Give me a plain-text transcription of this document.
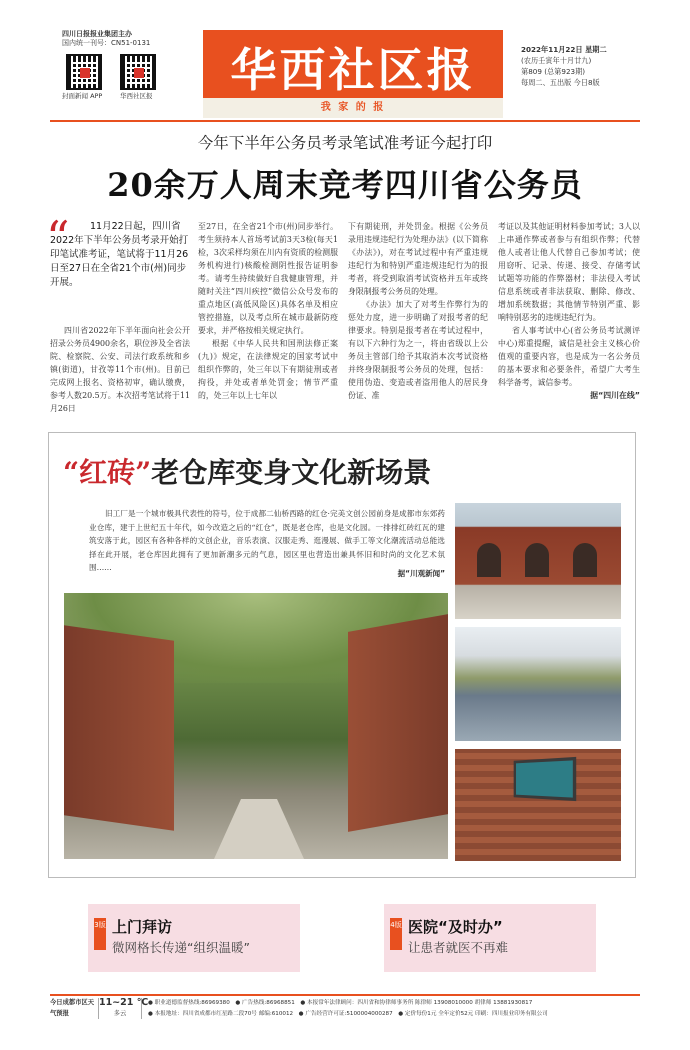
四川日报报业集团主办
国内统一刊号：CN51-0131
封面新闻 APP	华西社区报	华西社区报
我 家 的 报
2022年11月22日 星期二
(农历壬寅年十月廿九)
第809 (总第923期)
每周二、五出版 今日8版
今年下半年公务员考录笔试准考证今起打印
20余万人周末竞考四川省公务员
“	11月22日起，四川省2022年下半年公务员考录开始打印笔试准考证，笔试将于11月26日至27日在全省21个市(州)同步开展。
四川省2022年下半年面向社会公开招录公务员4900余名，职位涉及全省法院、检察院、公安、司法行政系统和乡镇(街道)，甘孜等11个市(州)。目前已完成网上报名、资格初审，确认缴费，参考人数20.5万。本次招考笔试将于11月26日

至27日，在全省21个市(州)同步举行。考生须持本人首场考试前3天3检(每天1检，3次采样均须在川内有资质的检测服务机构进行)核酸检测阴性报告证明参考。请考生持续做好自我健康管理，并随时关注“四川疾控”微信公众号发布的重点地区(高低风险区)具体名单及相应管控措施，以及考点所在城市最新防疫要求，并严格按相关规定执行。

根据《中华人民共和国刑法修正案(九)》规定，在法律规定的国家考试中组织作弊的，处三年以下有期徒刑或者拘役，并处或者单处罚金；情节严重的，处三年以上七年以

下有期徒刑，并处罚金。根据《公务员录用违规违纪行为处理办法》(以下简称《办法》)，对在考试过程中有严重违规违纪行为和特别严重违规违纪行为的报考者，将受到取消考试资格并五年或终身限制报考公务员的处理。

《办法》加大了对考生作弊行为的惩处力度，进一步明确了对报考者的纪律要求。特别是报考者在考试过程中，有以下六种行为之一，将由省级以上公务员主管部门给予其取消本次考试资格并终身限制报考公务员的处理，包括：使用伪造、变造或者盗用他人的居民身份证、准

考证以及其他证明材料参加考试；3人以上串通作弊或者参与有组织作弊；代替他人或者让他人代替自己参加考试；使用窃听、记录、传递、接受、存储考试试题等功能的作弊器材；非法侵入考试信息系统或者非法获取、删除、修改、增加系统数据；其他情节特别严重、影响特别恶劣的违规违纪行为。

省人事考试中心(省公务员考试测评中心)郑重提醒，诚信是社会主义核心价值观的重要内容，也是成为一名公务员的基本要求和必要条件，希望广大考生科学备考，诚信参考。

据“四川在线”

“红砖”老仓库变身文化新场景
旧工厂是一个城市极具代表性的符号，位于成都二仙桥西路的红仓·完美文创公园前身是成都市东郊药业仓库，建于上世纪五十年代，如今改造之后的“红仓”，既是老仓库，也是文化园。一排排红砖红瓦的建筑安落于此，园区有各种各样的文创企业，音乐表演、汉服走秀、逛漫展、做手工等文化潮流活动总能选择在此开展，老仓库因此拥有了更加新潮多元的气息，园区里也营造出兼具怀旧和时尚的文化艺术氛围……
据“川观新闻”
3版 上门拜访
微网格长传递“组织温暖”
4版 医院“及时办”
让患者就医不再难
今日成都市区天气预报
11~21 ℃
多云
● 职业道德监督热线:86969380　● 广告热线:86968851　● 本报常年法律顾问：四川省和协律师事务所 陈律师 13908010000 胡律师 13881930817
● 本报地址：四川省成都市红星路二段70号 邮编:610012　● 广告经营许可证:5100004000287　● 定价每份1元 全年定价52元 印刷：四川报业印务有限公司
